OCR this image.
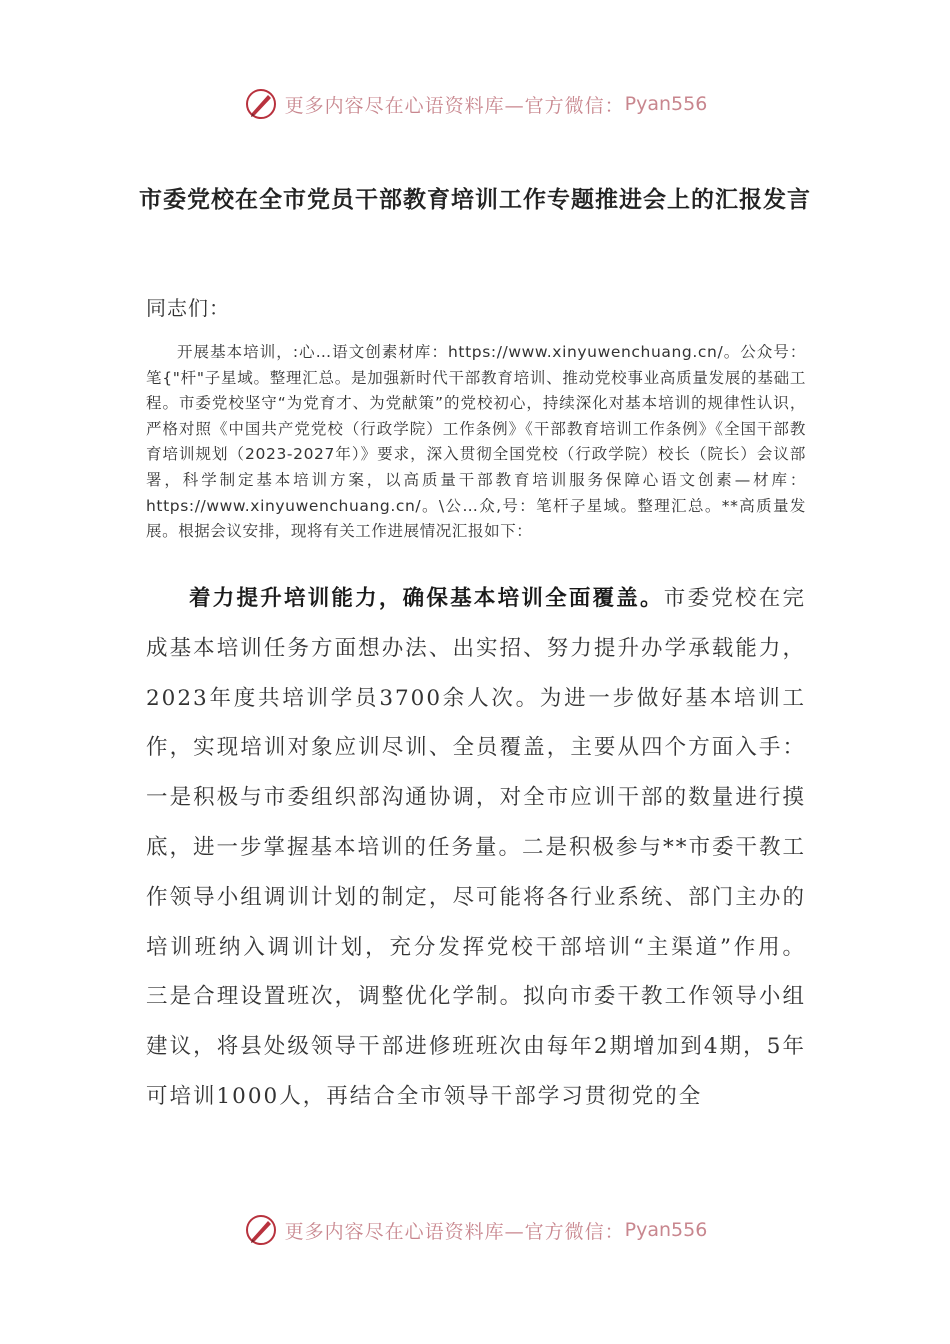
更多内容尽在心语资料库—官方微信： Pyan556
市委党校在全市党员干部教育培训工作专题推进会上的汇报发言
同志们：
开展基本培训，:心…语文创素材库：https://www.xinyuwenchuang.cn/。公众号：笔{"杆"子星域。整理汇总。是加强新时代干部教育培训、推动党校事业高质量发展的基础工程。市委党校坚守“为党育才、为党献策”的党校初心，持续深化对基本培训的规律性认识，严格对照《中国共产党党校（行政学院）工作条例》《干部教育培训工作条例》《全国干部教育培训规划（2023-2027年）》要求，深入贯彻全国党校（行政学院）校长（院长）会议部署，科学制定基本培训方案，以高质量干部教育培训服务保障心语文创素—材库：https://www.xinyuwenchuang.cn/。\公…众,号：笔杆子星域。整理汇总。**高质量发展。根据会议安排，现将有关工作进展情况汇报如下：
着力提升培训能力，确保基本培训全面覆盖。市委党校在完成基本培训任务方面想办法、出实招、努力提升办学承载能力，2023年度共培训学员3700余人次。为进一步做好基本培训工作，实现培训对象应训尽训、全员覆盖，主要从四个方面入手：一是积极与市委组织部沟通协调，对全市应训干部的数量进行摸底，进一步掌握基本培训的任务量。二是积极参与**市委干教工作领导小组调训计划的制定，尽可能将各行业系统、部门主办的培训班纳入调训计划，充分发挥党校干部培训“主渠道”作用。三是合理设置班次，调整优化学制。拟向市委干教工作领导小组建议，将县处级领导干部进修班班次由每年2期增加到4期，5年可培训1000人，再结合全市领导干部学习贯彻党的全
更多内容尽在心语资料库—官方微信： Pyan556
